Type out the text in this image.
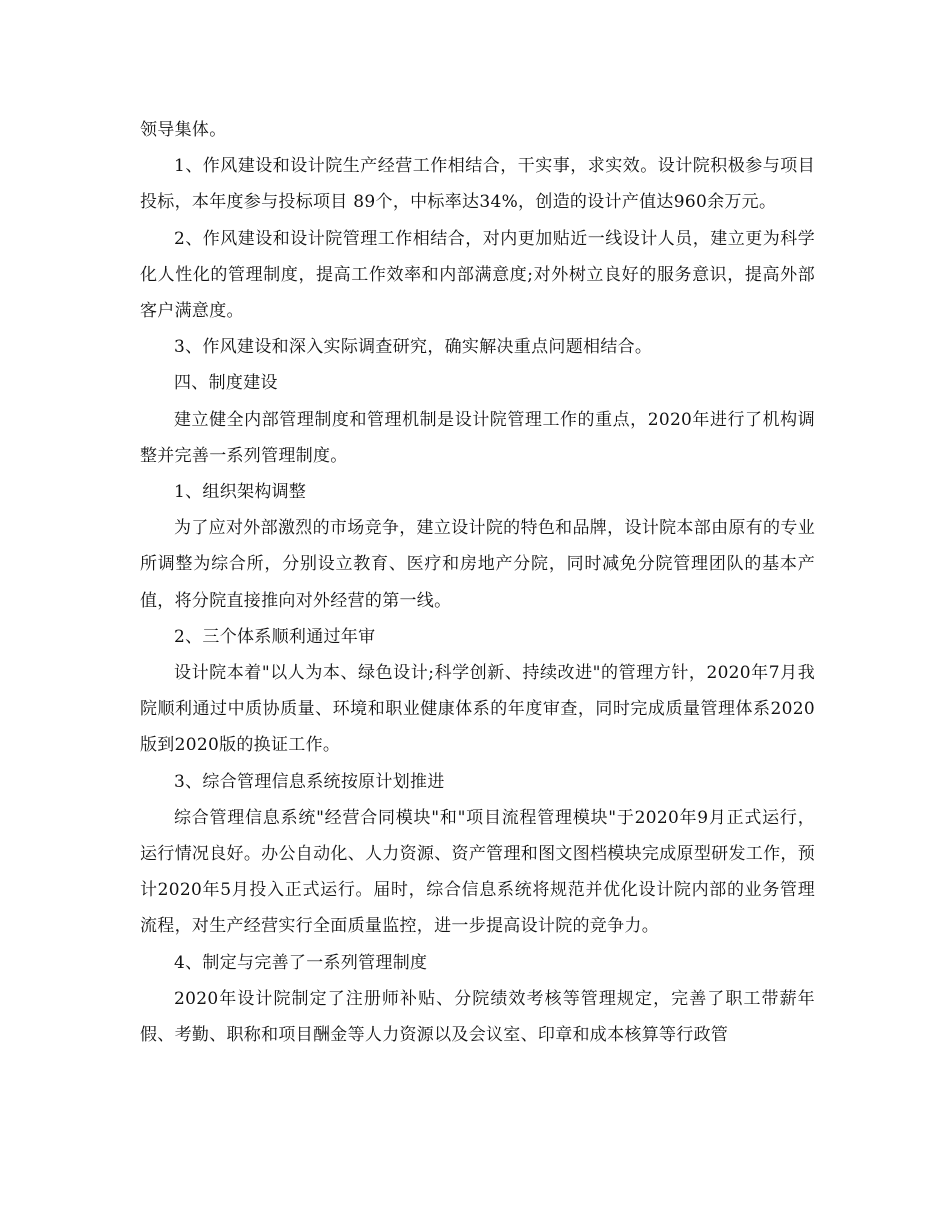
领导集体。

1、作风建设和设计院生产经营工作相结合，干实事，求实效。设计院积极参与项目投标，本年度参与投标项目 89个，中标率达34%，创造的设计产值达960余万元。

2、作风建设和设计院管理工作相结合，对内更加贴近一线设计人员，建立更为科学化人性化的管理制度，提高工作效率和内部满意度;对外树立良好的服务意识，提高外部客户满意度。

3、作风建设和深入实际调查研究，确实解决重点问题相结合。

四、制度建设

建立健全内部管理制度和管理机制是设计院管理工作的重点，2020年进行了机构调整并完善一系列管理制度。

1、组织架构调整

为了应对外部激烈的市场竞争，建立设计院的特色和品牌，设计院本部由原有的专业所调整为综合所，分别设立教育、医疗和房地产分院，同时减免分院管理团队的基本产值，将分院直接推向对外经营的第一线。

2、三个体系顺利通过年审

设计院本着"以人为本、绿色设计;科学创新、持续改进"的管理方针，2020年7月我院顺利通过中质协质量、环境和职业健康体系的年度审查，同时完成质量管理体系2020版到2020版的换证工作。

3、综合管理信息系统按原计划推进

综合管理信息系统"经营合同模块"和"项目流程管理模块"于2020年9月正式运行，运行情况良好。办公自动化、人力资源、资产管理和图文图档模块完成原型研发工作，预计2020年5月投入正式运行。届时，综合信息系统将规范并优化设计院内部的业务管理流程，对生产经营实行全面质量监控，进一步提高设计院的竞争力。

4、制定与完善了一系列管理制度

2020年设计院制定了注册师补贴、分院绩效考核等管理规定，完善了职工带薪年假、考勤、职称和项目酬金等人力资源以及会议室、印章和成本核算等行政管
